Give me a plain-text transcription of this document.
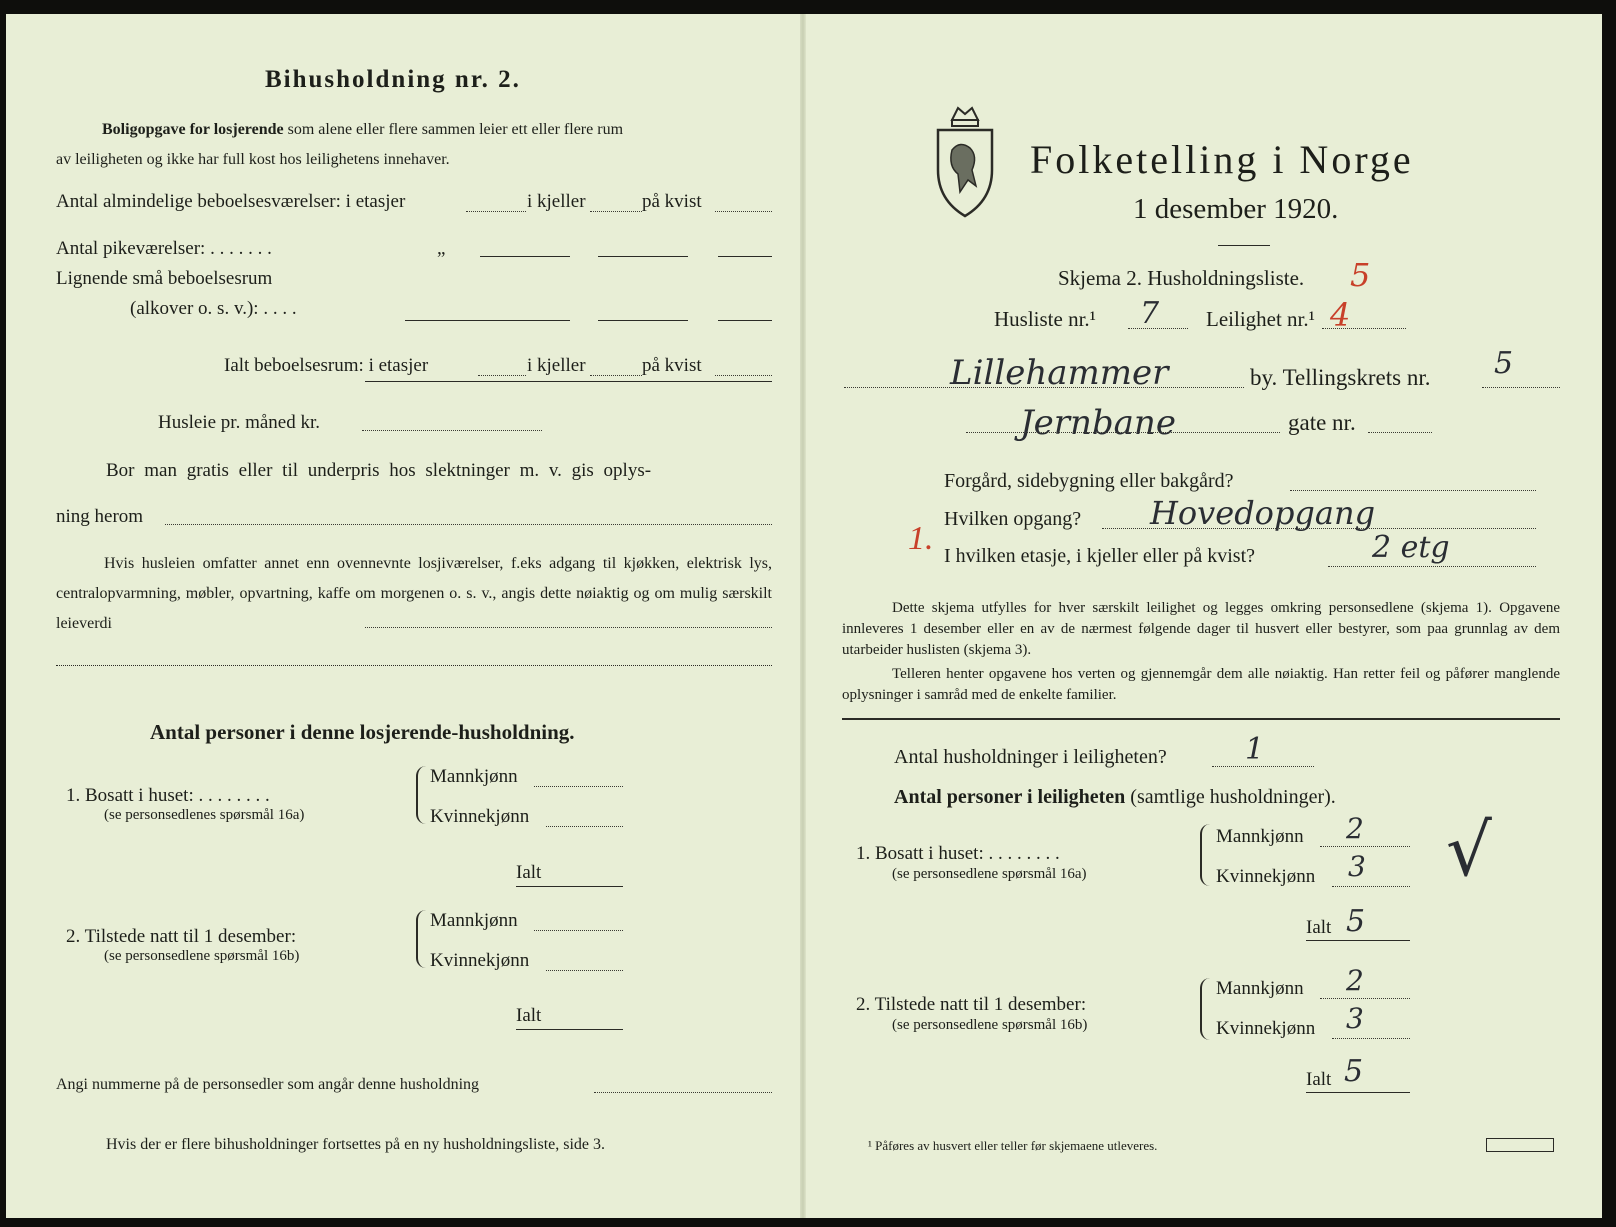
Bihusholdning nr. 2.
Boligopgave for losjerende som alene eller flere sammen leier ett eller flere rum
av leiligheten og ikke har full kost hos leilighetens innehaver.
Antal almindelige beboelsesværelser: i etasjer	i kjeller	på kvist
Antal pikeværelser: . . . . . . .	„
Lignende små beboelsesrum
(alkover o. s. v.): . . . .
Ialt beboelsesrum: i etasjer	i kjeller	på kvist
Husleie pr. måned kr.
Bor man gratis eller til underpris hos slektninger m. v. gis oplys-
ning herom
Hvis husleien omfatter annet enn ovennevnte losjiværelser, f.eks adgang til kjøkken, elektrisk lys, centralopvarmning, møbler, opvartning, kaffe om morgenen o. s. v., angis dette nøiaktig og om mulig særskilt leieverdi
Antal personer i denne losjerende-husholdning.
1. Bosatt i huset: . . . . . . . .
(se personsedlenes spørsmål 16a)
Mannkjønn
Kvinnekjønn
Ialt
2. Tilstede natt til 1 desember:
(se personsedlene spørsmål 16b)
Mannkjønn
Kvinnekjønn
Ialt
Angi nummerne på de personsedler som angår denne husholdning
Hvis der er flere bihusholdninger fortsettes på en ny husholdningsliste, side 3.
Folketelling i Norge
1 desember 1920.
Skjema 2. Husholdningsliste. 5
Husliste nr.¹ 7 Leilighet nr.¹ 4
Lillehammer	by. Tellingskrets nr. 5
Jernbane	gate nr.
Forgård, sidebygning eller bakgård?
Hvilken opgang? Hovedopgang
1. I hvilken etasje, i kjeller eller på kvist?	2 etg
Dette skjema utfylles for hver særskilt leilighet og legges omkring personsedlene (skjema 1). Opgavene innleveres 1 desember eller en av de nærmest følgende dager til husvert eller bestyrer, som paa grunnlag av dem utarbeider huslisten (skjema 3).
Telleren henter opgavene hos verten og gjennemgår dem alle nøiaktig. Han retter feil og påfører manglende oplysninger i samråd med de enkelte familier.
Antal husholdninger i leiligheten?	1
Antal personer i leiligheten (samtlige husholdninger).
1. Bosatt i huset: . . . . . . . .
(se personsedlene spørsmål 16a)
Mannkjønn 2
Kvinnekjønn 3
Ialt 5
√
2. Tilstede natt til 1 desember:
(se personsedlene spørsmål 16b)
Mannkjønn 2
Kvinnekjønn 3
Ialt 5
¹ Påføres av husvert eller teller før skjemaene utleveres.
